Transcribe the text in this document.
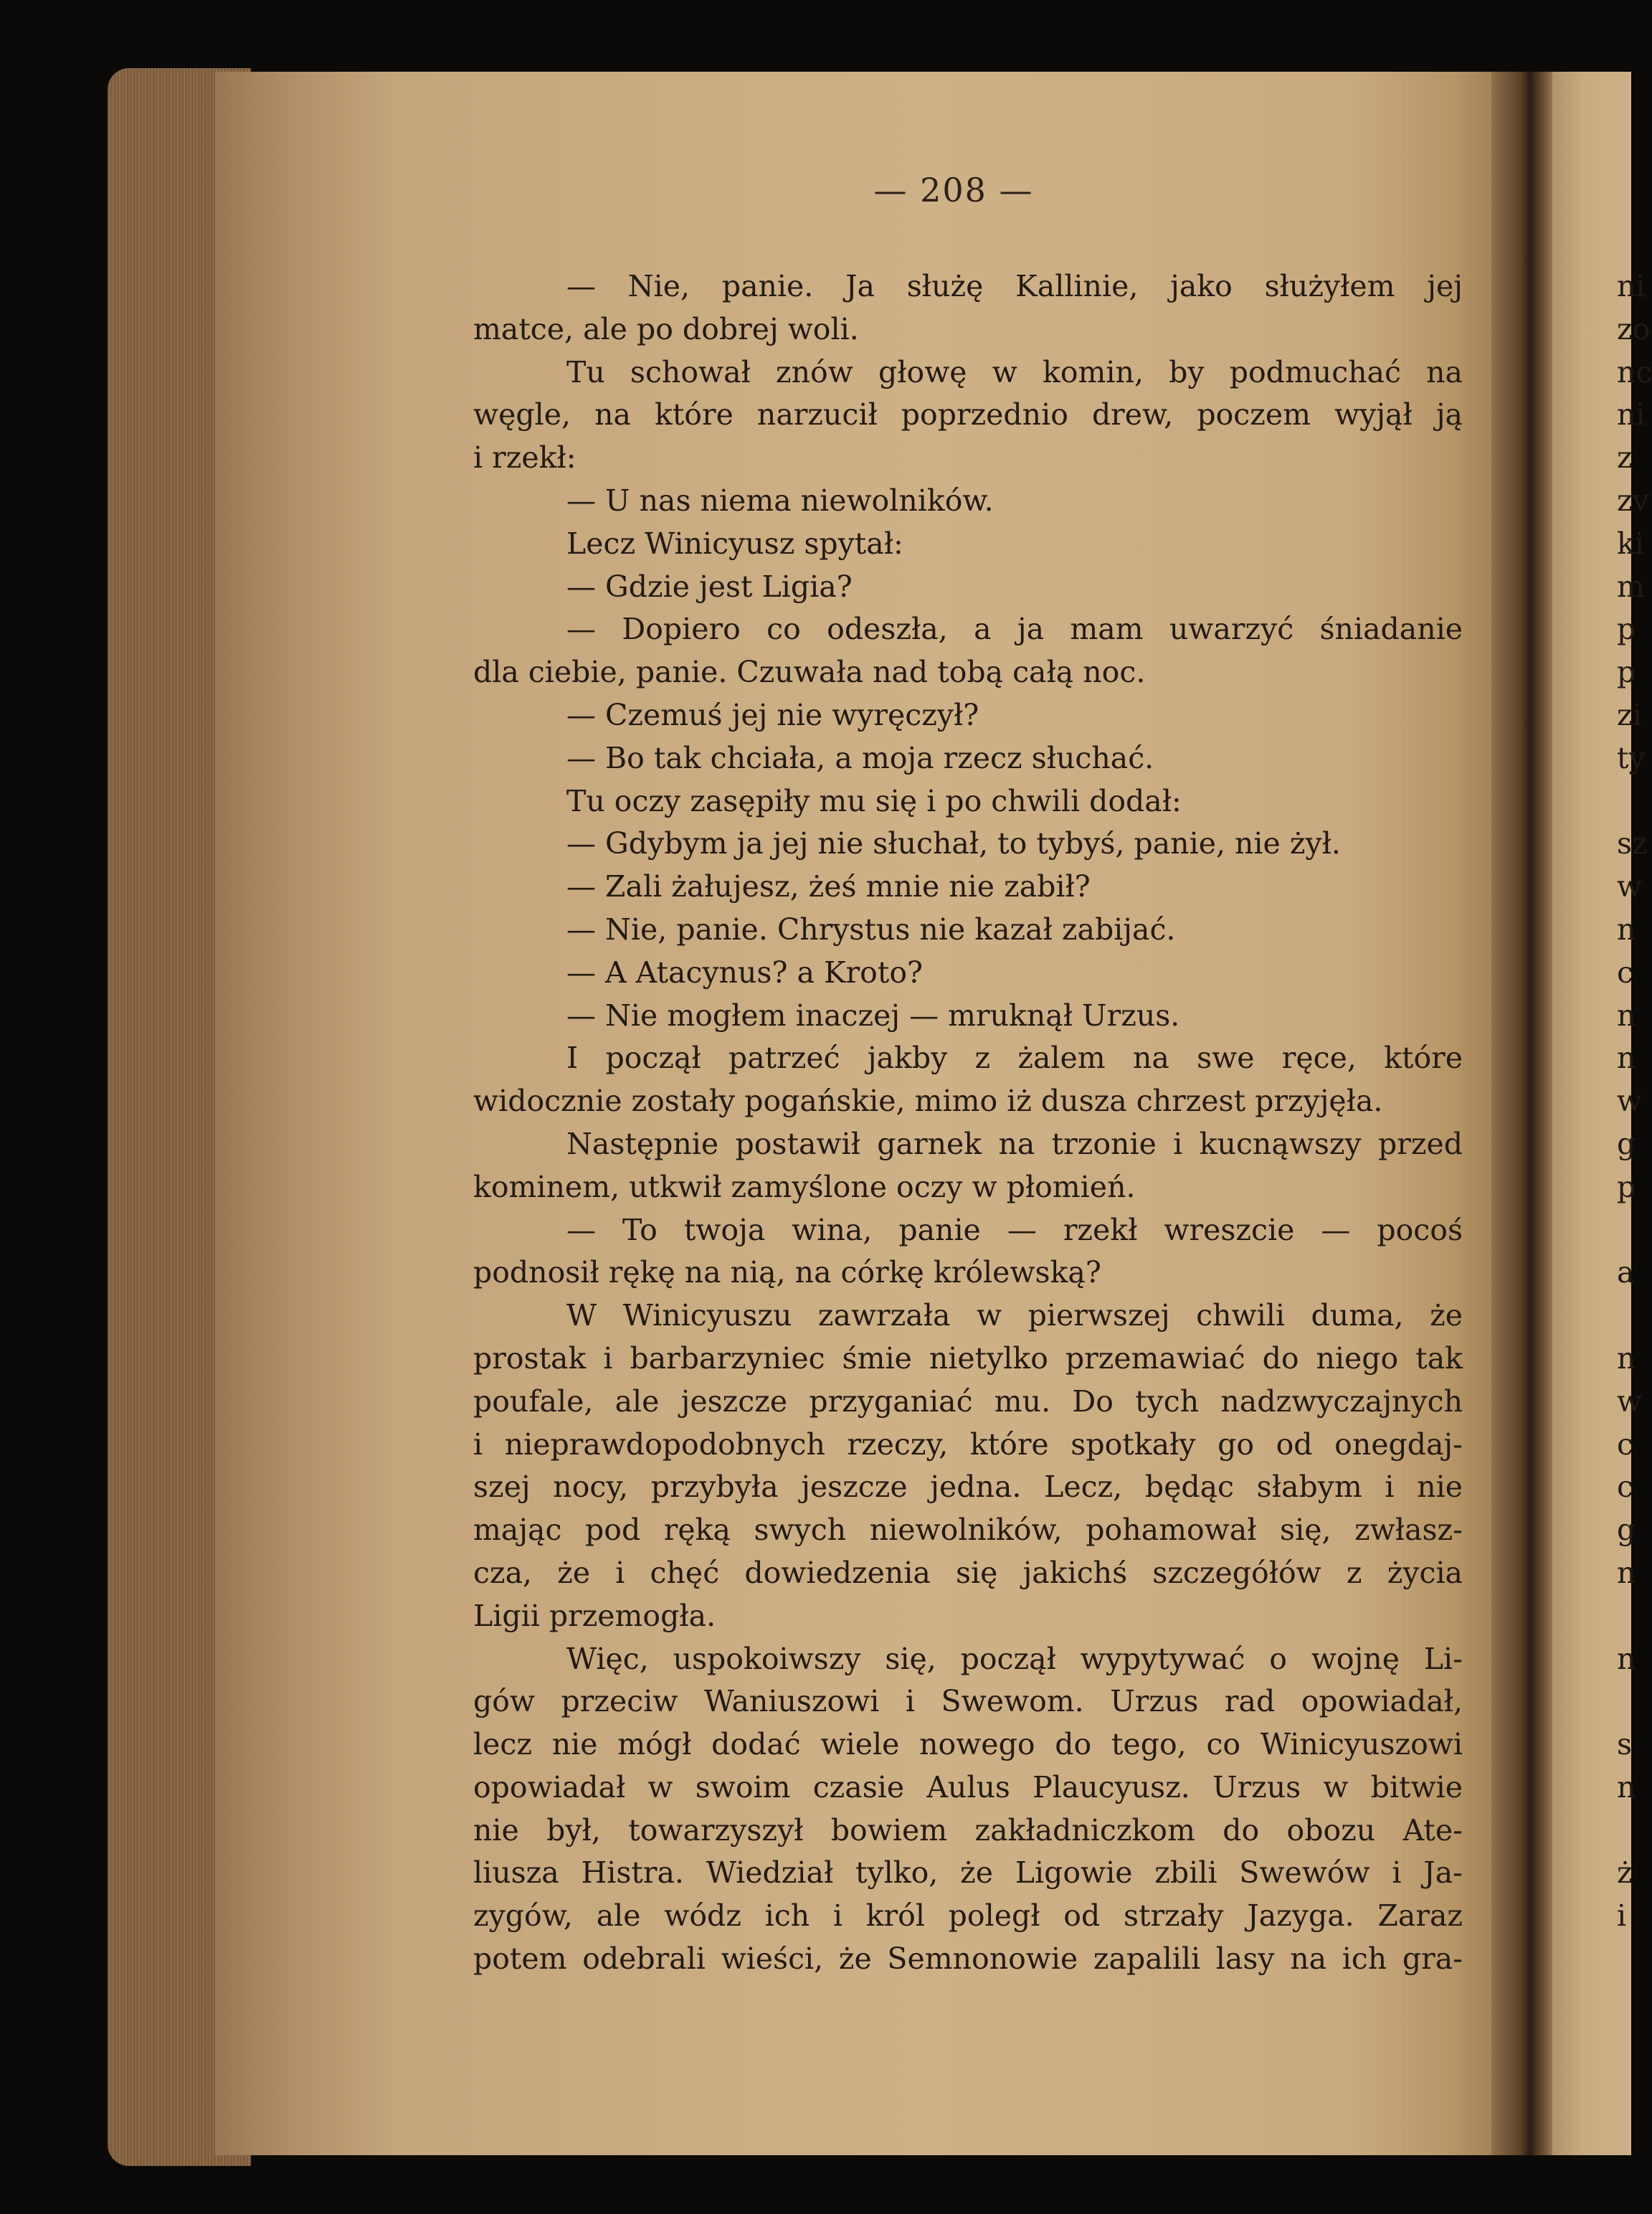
— 208 —
— Nie, panie. Ja służę Kallinie, jako służyłem jej
matce, ale po dobrej woli.
Tu schował znów głowę w komin, by podmuchać na
węgle, na które narzucił poprzednio drew, poczem wyjął ją
i rzekł:
— U nas niema niewolników.
Lecz Winicyusz spytał:
— Gdzie jest Ligia?
— Dopiero co odeszła, a ja mam uwarzyć śniadanie
dla ciebie, panie. Czuwała nad tobą całą noc.
— Czemuś jej nie wyręczył?
— Bo tak chciała, a moja rzecz słuchać.
Tu oczy zasępiły mu się i po chwili dodał:
— Gdybym ja jej nie słuchał, to tybyś, panie, nie żył.
— Zali żałujesz, żeś mnie nie zabił?
— Nie, panie. Chrystus nie kazał zabijać.
— A Atacynus? a Kroto?
— Nie mogłem inaczej — mruknął Urzus.
I począł patrzeć jakby z żalem na swe ręce, które
widocznie zostały pogańskie, mimo iż dusza chrzest przyjęła.
Następnie postawił garnek na trzonie i kucnąwszy przed
kominem, utkwił zamyślone oczy w płomień.
— To twoja wina, panie — rzekł wreszcie — pocoś
podnosił rękę na nią, na córkę królewską?
W Winicyuszu zawrzała w pierwszej chwili duma, że
prostak i barbarzyniec śmie nietylko przemawiać do niego tak
poufale, ale jeszcze przyganiać mu. Do tych nadzwyczajnych
i nieprawdopodobnych rzeczy, które spotkały go od onegdaj-
szej nocy, przybyła jeszcze jedna. Lecz, będąc słabym i nie
mając pod ręką swych niewolników, pohamował się, zwłasz-
cza, że i chęć dowiedzenia się jakichś szczegółów z życia
Ligii przemogła.
Więc, uspokoiwszy się, począł wypytywać o wojnę Li-
gów przeciw Waniuszowi i Swewom. Urzus rad opowiadał,
lecz nie mógł dodać wiele nowego do tego, co Winicyuszowi
opowiadał w swoim czasie Aulus Plaucyusz. Urzus w bitwie
nie był, towarzyszył bowiem zakładniczkom do obozu Ate-
liusza Histra. Wiedział tylko, że Ligowie zbili Swewów i Ja-
zygów, ale wódz ich i król poległ od strzały Jazyga. Zaraz
potem odebrali wieści, że Semnonowie zapalili lasy na ich gra-
ni
zo
nc
ni
z
zv
ki
m
p
p
zi
ty
sz
w
n
c
n
n
w
g
p
a
n
w
c
c
g
n
n
s
n
ż
i
